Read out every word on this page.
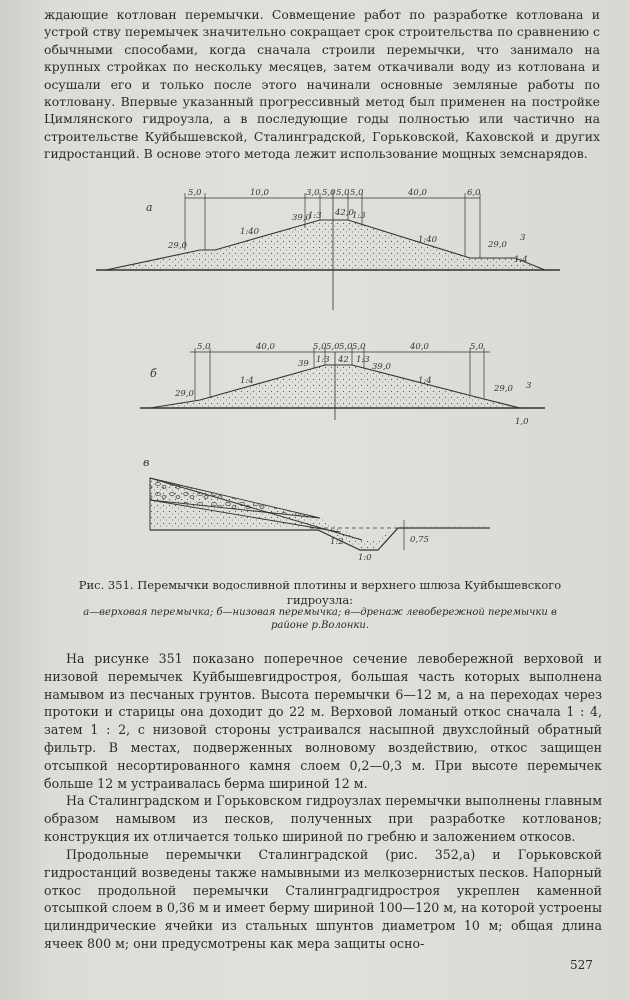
ждающие котлован перемычки. Совмещение работ по разработке котлована и устрой ству перемычек значительно сокращает срок строительства по сравнению с обычными способами, когда сначала строили перемычки, что занимало на крупных стройках по нескольку месяцев, затем откачивали воду из котлована и осушали его и только после этого начинали основные земляные работы по котловану. Впервые указанный прогрессивный метод был применен на постройке Цимлянского гидроузла, а в последующие годы полностью или частично на строительстве Куйбышевской, Сталинградской, Горьковской, Каховской и других гидростанций. В основе этого метода лежит использование мощных земснарядов.

а
5,0	10,0	3,0 5,0 5,0 5,0	40,0	6,0
29,0
39,0	42,0
29,0
1:40
1:3	1:3
1:40
1:4
3
б
5,0	40,0	5,0 5,0 5,0 5,0	40,0	5,0
29,0
39	42
39,0
29,0
1:4
1:3	1:3
1:4	3
1,0
в
1:2
1:0
0,75
Рис. 351. Перемычки водосливной плотины и верхнего шлюза Куйбышевского гидроузла:
а—верховая перемычка; б—низовая перемычка; в—дренаж левобережной перемычки в районе р.Волонки.

На рисунке 351 показано поперечное сечение левобережной верховой и низовой перемычек Куйбышевгидростроя, большая часть которых выполнена намывом из песчаных грунтов. Высота перемычки 6—12 м, а на переходах через протоки и старицы она доходит до 22 м. Верховой ломаный откос сначала 1 : 4, затем 1 : 2, с низовой стороны устраивался насыпной двухслойный обратный фильтр. В местах, подверженных волновому воздействию, откос защищен отсыпкой несортированного камня слоем 0,2—0,3 м. При высоте перемычек больше 12 м устраивалась берма шириной 12 м.

На Сталинградском и Горьковском гидроузлах перемычки выполнены главным образом намывом из песков, полученных при разработке котлованов; конструкция их отличается только шириной по гребню и заложением откосов.

Продольные перемычки Сталинградской (рис. 352,а) и Горьковской гидростанций возведены также намывными из мелкозернистых песков. Напорный откос продольной перемычки Сталинградгидростроя укреплен каменной отсыпкой слоем в 0,36 м и имеет берму шириной 100—120 м, на которой устроены цилиндрические ячейки из стальных шпунтов диаметром 10 м; общая длина ячеек 800 м; они предусмотрены как мера защиты осно-

527
